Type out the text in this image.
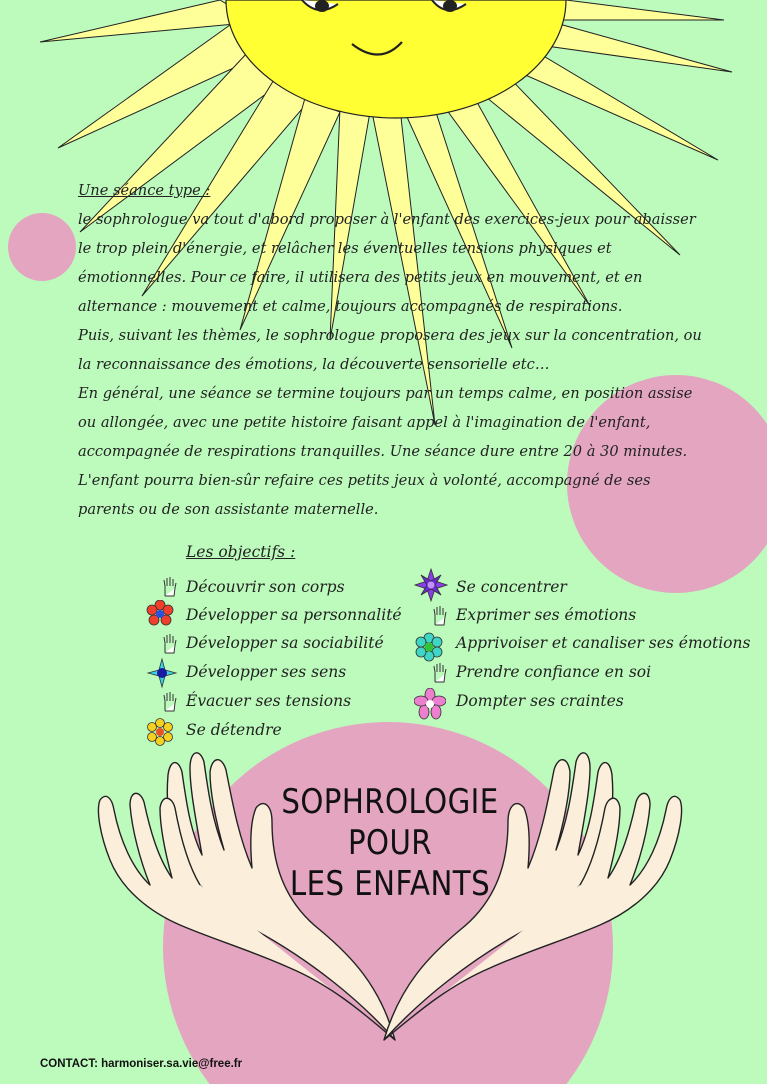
Une séance type :

le sophrologue va tout d'abord proposer à l'enfant des exercices-jeux pour abaisser le trop plein d'énergie, et relâcher les éventuelles tensions physiques et émotionnelles. Pour ce faire, il utilisera des petits jeux en mouvement, et en alternance : mouvement et calme, toujours accompagnés de respirations.

Puis, suivant les thèmes, le sophrologue proposera des jeux sur la concentration, ou la reconnaissance des émotions, la découverte sensorielle etc…

En général, une séance se termine toujours par un temps calme, en position assise ou allongée, avec une petite histoire faisant appel à l'imagination de l'enfant, accompagnée de respirations tranquilles. Une séance dure entre 20 à 30 minutes.

L'enfant pourra bien-sûr refaire ces petits jeux à volonté, accompagné de ses parents ou de son assistante maternelle.

Les objectifs :
Découvrir son corps
Développer sa personnalité
Développer sa sociabilité
Développer ses sens
Évacuer ses tensions
Se détendre
Se concentrer
Exprimer ses émotions
Apprivoiser et canaliser ses émotions
Prendre confiance en soi
Dompter ses craintes
SOPHROLOGIE
POUR
LES ENFANTS
CONTACT: harmoniser.sa.vie@free.fr
